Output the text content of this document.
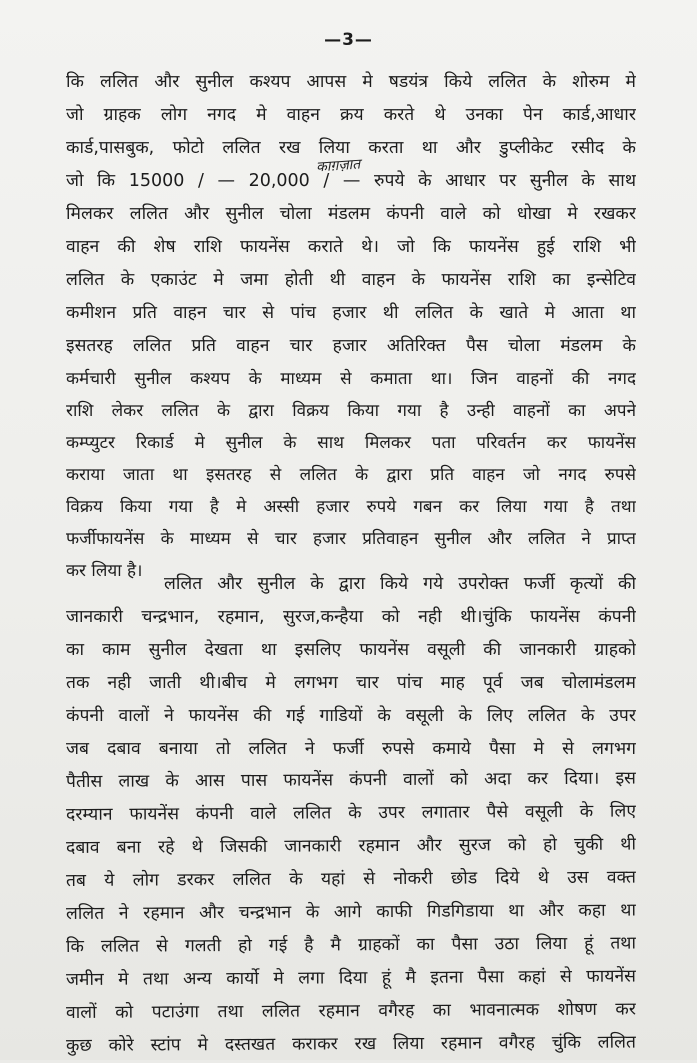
—3—
कि ललित और सुनील कश्यप आपस मे षडयंत्र किये ललित के शोरुम मे
जो ग्राहक लोग नगद मे वाहन क्रय करते थे उनका पेन कार्ड,आधार
कार्ड,पासबुक, फोटो ललित रख लिया करता था और डुप्लीकेट रसीद के
जो कि 15000 / — 20,000 / — रुपये के आधार पर सुनील के साथ
मिलकर ललित और सुनील चोला मंडलम कंपनी वाले को धोखा मे रखकर
वाहन की शेष राशि फायनेंस कराते थे। जो कि फायनेंस हुई राशि भी
ललित के एकाउंट मे जमा होती थी वाहन के फायनेंस राशि का इन्सेटिव
कमीशन प्रति वाहन चार से पांच हजार थी ललित के खाते मे आता था
इसतरह ललित प्रति वाहन चार हजार अतिरिक्त पैस चोला मंडलम के
कर्मचारी सुनील कश्यप के माध्यम से कमाता था। जिन वाहनों की नगद
राशि लेकर ललित के द्वारा विक्रय किया गया है उन्ही वाहनों का अपने
कम्प्युटर रिकार्ड मे सुनील के साथ मिलकर पता परिवर्तन कर फायनेंस
कराया जाता था इसतरह से ललित के द्वारा प्रति वाहन जो नगद रुपसे
विक्रय किया गया है मे अस्सी हजार रुपये गबन कर लिया गया है तथा
फर्जीफायनेंस के माध्यम से चार हजार प्रतिवाहन सुनील और ललित ने प्राप्त
कर लिया है।
काग़ज़ात
ललित और सुनील के द्वारा किये गये उपरोक्त फर्जी कृत्यों की
जानकारी चन्द्रभान, रहमान, सुरज,कन्हैया को नही थी।चुंकि फायनेंस कंपनी
का काम सुनील देखता था इसलिए फायनेंस वसूली की जानकारी ग्राहको
तक नही जाती थी।बीच मे लगभग चार पांच माह पूर्व जब चोलामंडलम
कंपनी वालों ने फायनेंस की गई गाडियों के वसूली के लिए ललित के उपर
जब दबाव बनाया तो ललित ने फर्जी रुपसे कमाये पैसा मे से लगभग
पैतीस लाख के आस पास फायनेंस कंपनी वालों को अदा कर दिया। इस
दरम्यान फायनेंस कंपनी वाले ललित के उपर लगातार पैसे वसूली के लिए
दबाव बना रहे थे जिसकी जानकारी रहमान और सुरज को हो चुकी थी
तब ये लोग डरकर ललित के यहां से नोकरी छोड दिये थे उस वक्त
ललित ने रहमान और चन्द्रभान के आगे काफी गिडगिडाया था और कहा था
कि ललित से गलती हो गई है मै ग्राहकों का पैसा उठा लिया हूं तथा
जमीन मे तथा अन्य कार्यो मे लगा दिया हूं मै इतना पैसा कहां से फायनेंस
वालों को पटाउंगा तथा ललित रहमान वगैरह का भावनात्मक शोषण कर
कुछ कोरे स्टांप मे दस्तखत कराकर रख लिया रहमान वगैरह चुंकि ललित
